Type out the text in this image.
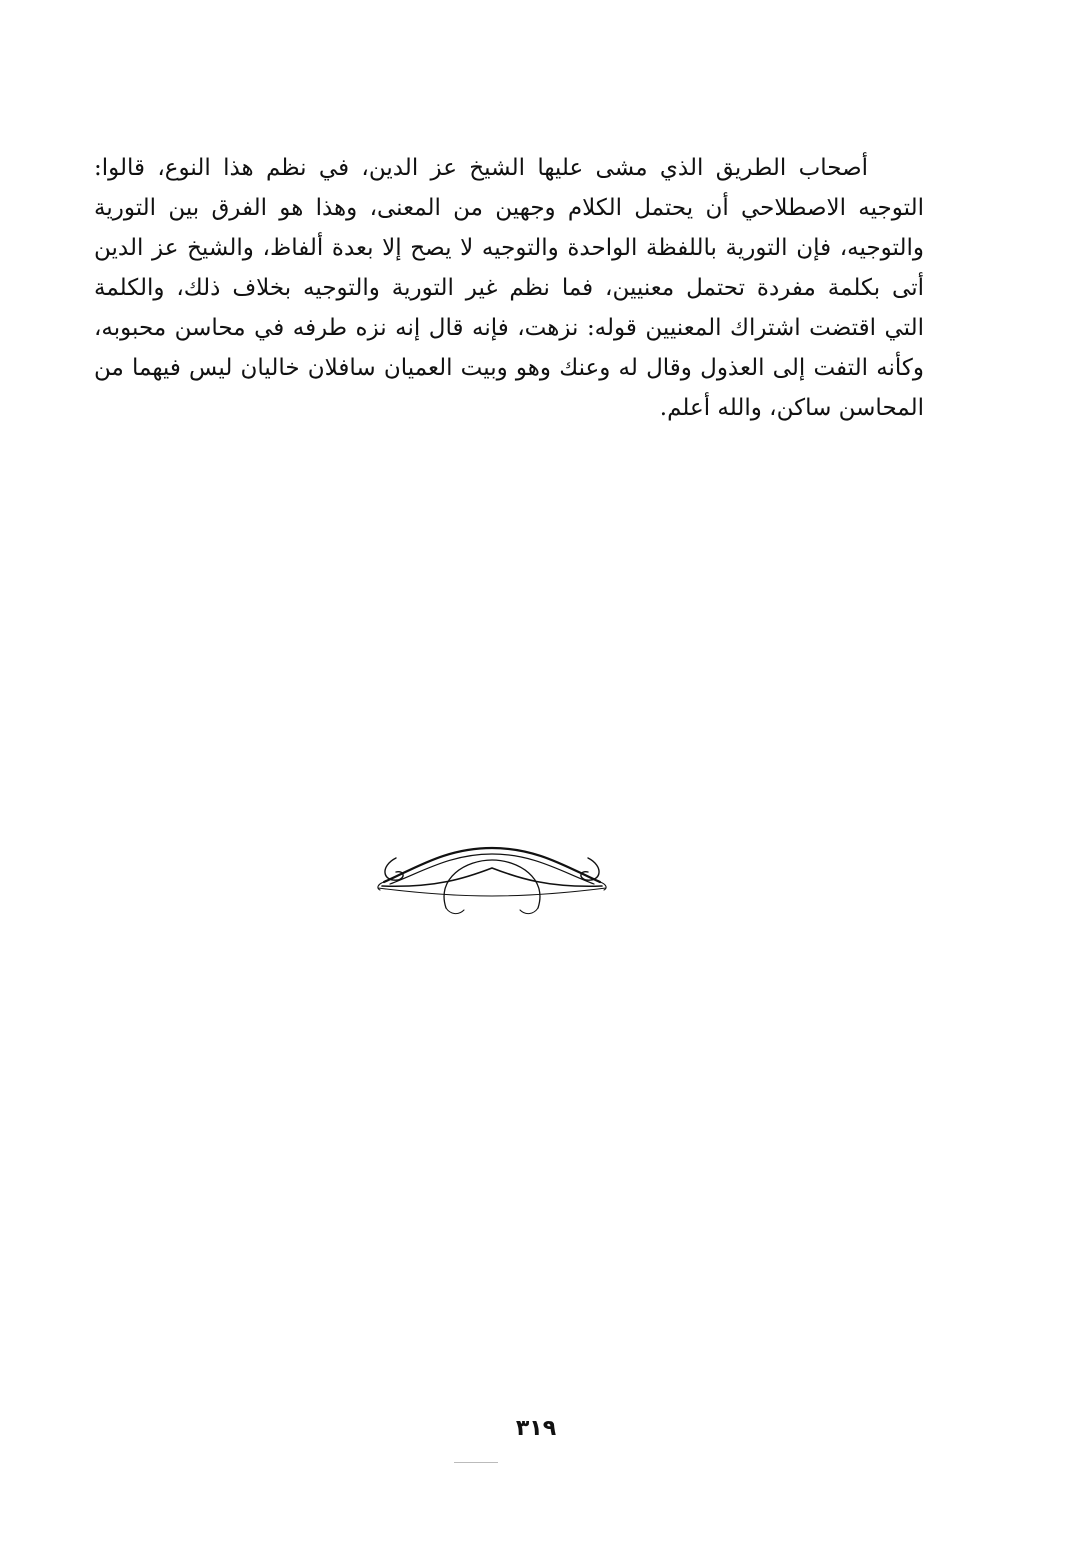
أصحاب الطريق الذي مشى عليها الشيخ عز الدين، في نظم هذا النوع، قالوا:
التوجيه الاصطلاحي أن يحتمل الكلام وجهين من المعنى، وهذا هو الفرق بين التورية
والتوجيه، فإن التورية باللفظة الواحدة والتوجيه لا يصح إلا بعدة ألفاظ، والشيخ عز الدين
أتى بكلمة مفردة تحتمل معنيين، فما نظم غير التورية والتوجيه بخلاف ذلك، والكلمة
التي اقتضت اشتراك المعنيين قوله: نزهت، فإنه قال إنه نزه طرفه في محاسن محبوبه،
وكأنه التفت إلى العذول وقال له وعنك وهو وبيت العميان سافلان خاليان ليس فيهما من
المحاسن ساكن، والله أعلم.
٣١٩
